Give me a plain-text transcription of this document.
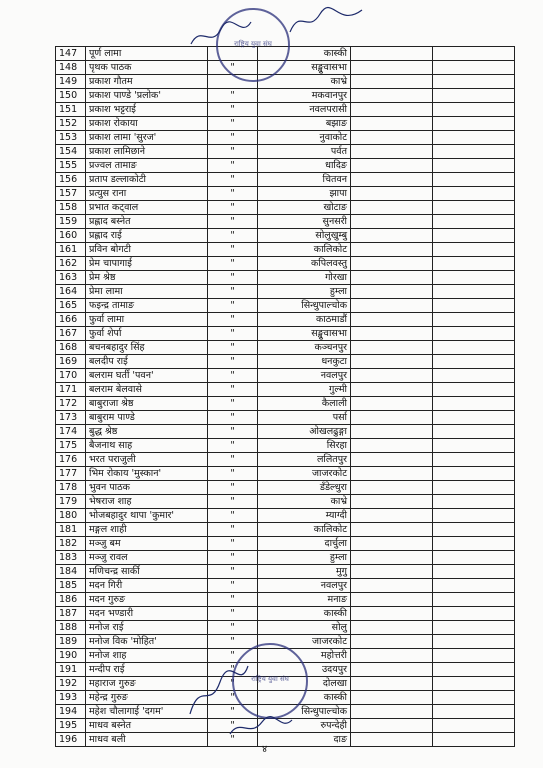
147	पूर्ण लामा		कास्की		
148	पृथक पाठक	"	सङ्खुवासभा		
149	प्रकाश गौतम		काभ्रे		
150	प्रकाश पाण्डे 'प्रलोक'	"	मकवानपुर		
151	प्रकाश भट्टराई	"	नवलपरासी		
152	प्रकाश रोकाया	"	बझाङ		
153	प्रकाश लामा 'सुरज'	"	नुवाकोट		
154	प्रकाश लामिछाने	"	पर्वत		
155	प्रज्वल तामाङ	"	धादिङ		
156	प्रताप डल्लाकोटी	"	चितवन		
157	प्रत्युस राना	"	झापा		
158	प्रभात कट्वाल	"	खोटाङ		
159	प्रह्लाद बस्नेत	"	सुनसरी		
160	प्रह्लाद राई	"	सोलुखुम्बु		
161	प्रविन बोगटी	"	कालिकोट		
162	प्रेम चापागाई	"	कपिलवस्तु		
163	प्रेम श्रेष्ठ	"	गोरखा		
164	प्रेमा लामा	"	हुम्ला		
165	फइन्द्र तामाङ	"	सिन्धुपाल्चोक		
166	फुर्वा लामा	"	काठमाडौं		
167	फुर्वा शेर्पा	"	सङ्खुवासभा		
168	बचनबहादुर सिंह	"	कञ्चनपुर		
169	बलदीप राई	"	धनकुटा		
170	बलराम घर्ती 'पवन'	"	नवलपुर		
171	बलराम बेलवासे	"	गुल्मी		
172	बाबुराजा श्रेष्ठ	"	कैलाली		
173	बाबुराम पाण्डे	"	पर्सा		
174	बुद्ध श्रेष्ठ	"	ओखलढुङ्गा		
175	बैजनाथ साह	"	सिरहा		
176	भरत पराजुली	"	ललितपुर		
177	भिम रोकाय 'मुस्कान'	"	जाजरकोट		
178	भुवन पाठक	"	डँडेल्धुरा		
179	भेषराज शाह	"	काभ्रे		
180	भोजबहादुर थापा 'कुमार'	"	म्याग्दी		
181	मङ्गल शाही	"	कालिकोट		
182	मञ्जु बम	"	दार्चुला		
183	मञ्जु रावल	"	हुम्ला		
184	मणिचन्द्र सार्की	"	मुगु		
185	मदन गिरी	"	नवलपुर		
186	मदन गुरुङ	"	मनाङ		
187	मदन भण्डारी	"	कास्की		
188	मनोज राई	"	सोलु		
189	मनोज विक 'मोहित'	"	जाजरकोट		
190	मनोज शाह	"	महोत्तरी		
191	मन्दीप राई	"	उदयपुर		
192	महाराज गुरुङ	"	दोलखा		
193	महेन्द्र गुरुङ	"	कास्की		
194	महेश चौलागाई 'दगम'	"	सिन्धुपाल्चोक		
195	माधव बस्नेत	"	रुपन्देही		
196	माधव बली	"	दाङ		
राष्ट्रिय युवा संघ
राष्ट्रिय युवा संघ
४
